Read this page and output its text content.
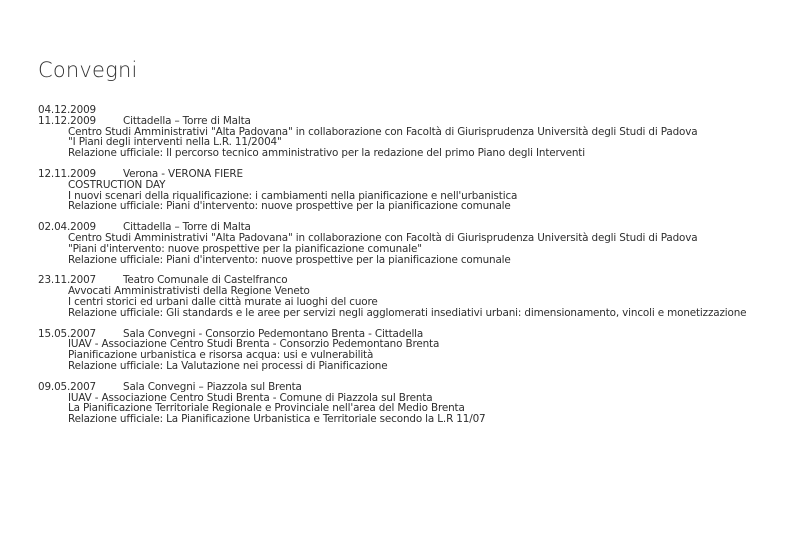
Convegni
04.12.2009
11.12.2009	Cittadella – Torre di Malta
Centro Studi Amministrativi "Alta Padovana" in collaborazione con Facoltà di Giurisprudenza Università degli Studi di Padova
"I Piani degli interventi nella L.R. 11/2004"
Relazione ufficiale: Il percorso tecnico amministrativo per la redazione del primo Piano degli Interventi
12.11.2009	Verona - VERONA FIERE
COSTRUCTION DAY
I nuovi scenari della riqualificazione: i cambiamenti nella pianificazione e nell'urbanistica
Relazione ufficiale: Piani d'intervento: nuove prospettive per la pianificazione comunale
02.04.2009	Cittadella – Torre di Malta
Centro Studi Amministrativi "Alta Padovana" in collaborazione con Facoltà di Giurisprudenza Università degli Studi di Padova
"Piani d'intervento: nuove prospettive per la pianificazione comunale"
Relazione ufficiale: Piani d'intervento: nuove prospettive per la pianificazione comunale
23.11.2007	Teatro Comunale di Castelfranco
Avvocati Amministrativisti della Regione Veneto
I centri storici ed urbani dalle città murate ai luoghi del cuore
Relazione ufficiale: Gli standards e le aree per servizi negli agglomerati insediativi urbani: dimensionamento, vincoli e monetizzazione
15.05.2007	Sala Convegni - Consorzio Pedemontano Brenta - Cittadella
IUAV - Associazione Centro Studi Brenta - Consorzio Pedemontano Brenta
Pianificazione urbanistica e risorsa acqua: usi e vulnerabilità
Relazione ufficiale: La Valutazione nei processi di Pianificazione
09.05.2007	Sala Convegni – Piazzola sul Brenta
IUAV - Associazione Centro Studi Brenta - Comune di Piazzola sul Brenta
La Pianificazione Territoriale Regionale e Provinciale nell'area del Medio Brenta
Relazione ufficiale: La Pianificazione Urbanistica e Territoriale secondo la L.R 11/07
